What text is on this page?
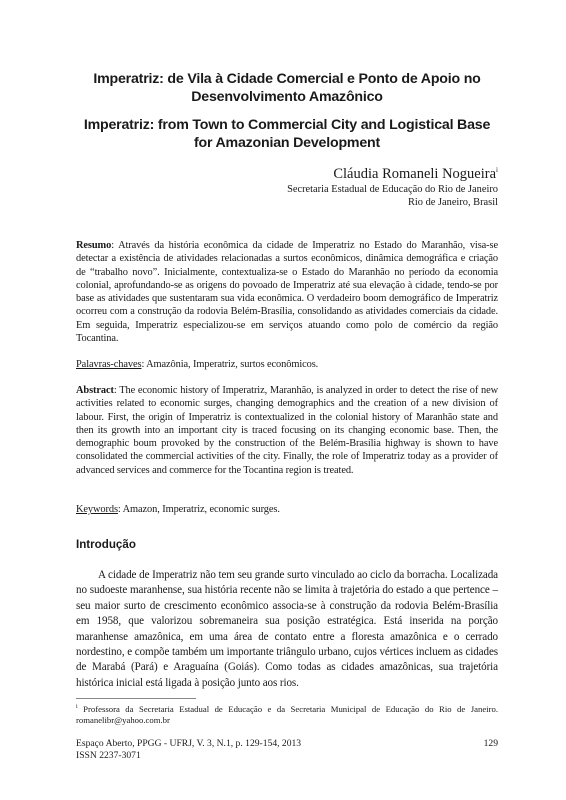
Imperatriz: de Vila à Cidade Comercial e Ponto de Apoio no Desenvolvimento Amazônico
Imperatriz: from Town to Commercial City and Logistical Base for Amazonian Development
Cláudia Romaneli Nogueira$^i$
Secretaria Estadual de Educação do Rio de Janeiro
Rio de Janeiro, Brasil

Resumo: Através da história econômica da cidade de Imperatriz no Estado do Maranhão, visa-se detectar a existência de atividades relacionadas a surtos econômicos, dinâmica demográfica e criação de “trabalho novo”. Inicialmente, contextualiza-se o Estado do Maranhão no período da economia colonial, aprofundando-se as origens do povoado de Imperatriz até sua elevação à cidade, tendo-se por base as atividades que sustentaram sua vida econômica. O verdadeiro boom demográfico de Imperatriz ocorreu com a construção da rodovia Belém-Brasília, consolidando as atividades comerciais da cidade. Em seguida, Imperatriz especializou-se em serviços atuando como polo de comércio da região Tocantina.

Palavras-chaves: Amazônia, Imperatriz, surtos econômicos.

Abstract: The economic history of Imperatriz, Maranhão, is analyzed in order to detect the rise of new activities related to economic surges, changing demographics and the creation of a new division of labour. First, the origin of Imperatriz is contextualized in the colonial history of Maranhão state and then its growth into an important city is traced focusing on its changing economic base. Then, the demographic boum provoked by the construction of the Belém-Brasília highway is shown to have consolidated the commercial activities of the city. Finally, the role of Imperatriz today as a provider of advanced services and commerce for the Tocantina region is treated.

Keywords: Amazon, Imperatriz, economic surges.

Introdução

A cidade de Imperatriz não tem seu grande surto vinculado ao ciclo da borracha. Localizada no sudoeste maranhense, sua história recente não se limita à trajetória do estado a que pertence – seu maior surto de crescimento econômico associa-se à construção da rodovia Belém-Brasília em 1958, que valorizou sobremaneira sua posição estratégica. Está inserida na porção maranhense amazônica, em uma área de contato entre a floresta amazônica e o cerrado nordestino, e compõe também um importante triângulo urbano, cujos vértices incluem as cidades de Marabá (Pará) e Araguaína (Goiás). Como todas as cidades amazônicas, sua trajetória histórica inicial está ligada à posição junto aos rios.

$^i$ Professora da Secretaria Estadual de Educação e da Secretaria Municipal de Educação do Rio de Janeiro. romanelibr@yahoo.com.br

Espaço Aberto, PPGG - UFRJ, V. 3, N.1, p. 129-154, 2013
ISSN 2237-3071
129
